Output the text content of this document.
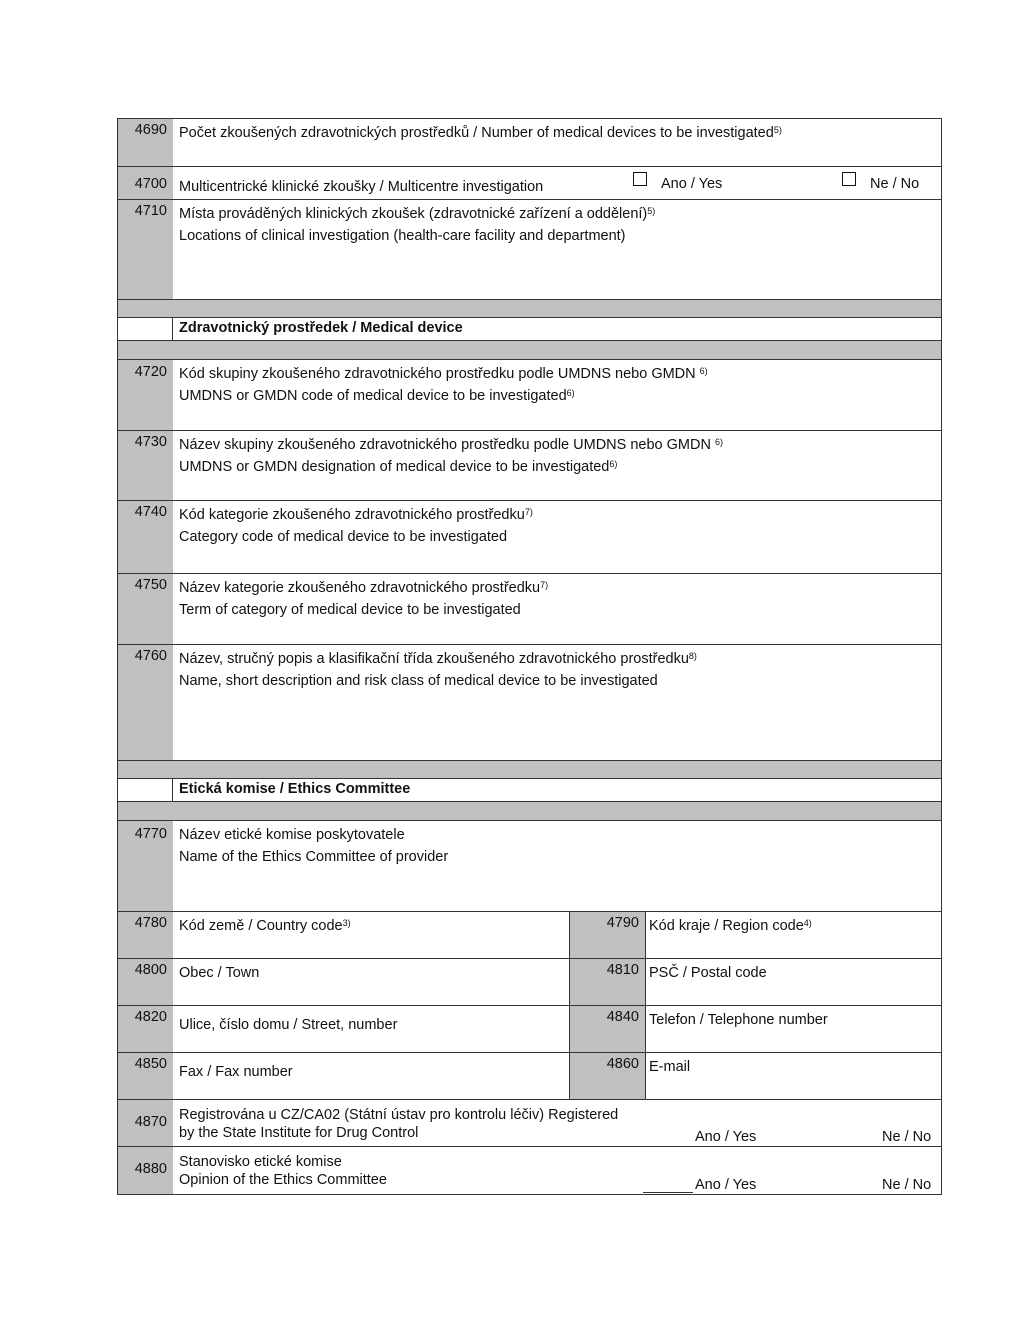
4690 Počet zkoušených zdravotnických prostředků / Number of medical devices to be investigated$^{5)}$
4700 Multicentrické klinické zkoušky / Multicentre investigation	Ano / Yes	Ne / No
4710 Místa prováděných klinických zkoušek (zdravotnické zařízení a oddělení)$^{5)}$
Locations of clinical investigation (health-care facility and department)
Zdravotnický prostředek / Medical device
4720 Kód skupiny zkoušeného zdravotnického prostředku podle UMDNS nebo GMDN $^{6)}$
UMDNS or GMDN code of medical device to be investigated$^{6)}$
4730 Název skupiny zkoušeného zdravotnického prostředku podle UMDNS nebo GMDN $^{6)}$
UMDNS or GMDN designation of medical device to be investigated$^{6)}$
4740 Kód kategorie zkoušeného zdravotnického prostředku$^{7)}$
Category code of medical device to be investigated
4750 Název kategorie zkoušeného zdravotnického prostředku$^{7)}$
Term of category of medical device to be investigated
4760 Název, stručný popis a klasifikační třída zkoušeného zdravotnického prostředku$^{8)}$
Name, short description and risk class of medical device to be investigated
Etická komise / Ethics Committee
4770 Název etické komise poskytovatele
Name of the Ethics Committee of provider
4780 Kód země / Country code$^{3)}$	4790 Kód kraje / Region code$^{4)}$
4800 Obec / Town	4810 PSČ / Postal code
4820 Ulice, číslo domu / Street, number	4840 Telefon / Telephone number
4850 Fax / Fax number	4860 E-mail
4870 Registrována u CZ/CA02 (Státní ústav pro kontrolu léčiv) Registered
by the State Institute for Drug Control	Ano / Yes	Ne / No
4880 Stanovisko etické komise
Opinion of the Ethics Committee	Ano / Yes	Ne / No
